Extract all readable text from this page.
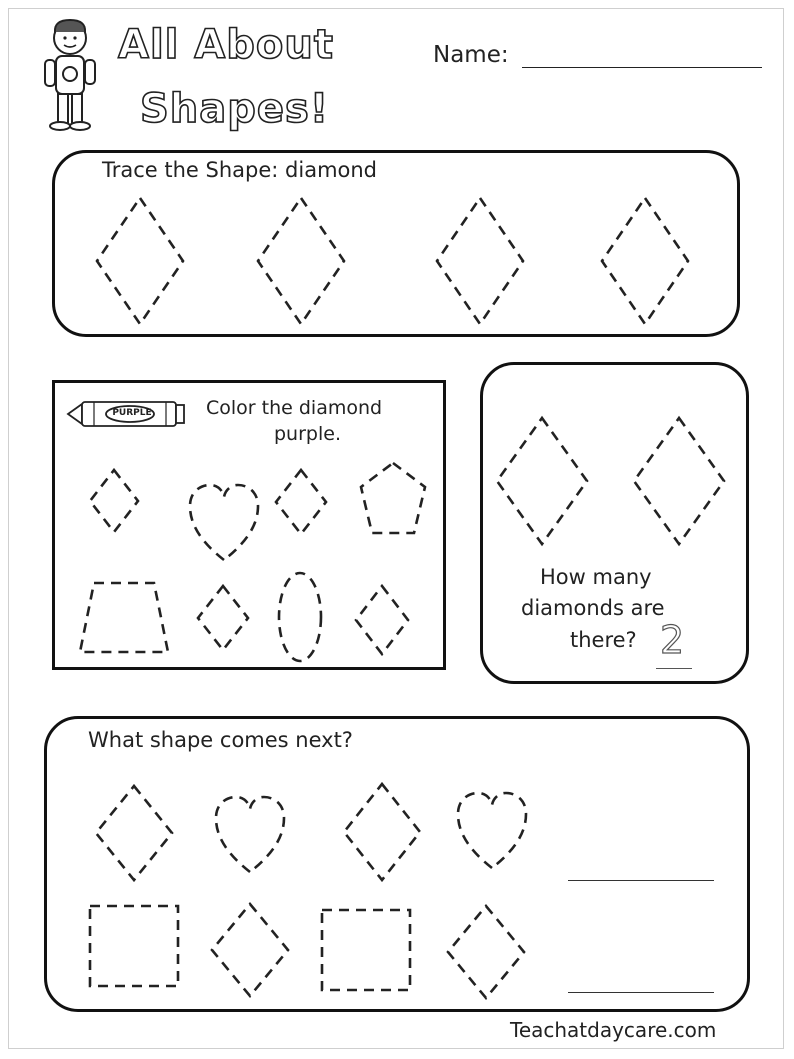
All About
Shapes!
Name:
Trace the Shape: diamond
PURPLE	Color the diamond
purple.
How many
diamonds are
there? 2
What shape comes next?
Teachatdaycare.com
